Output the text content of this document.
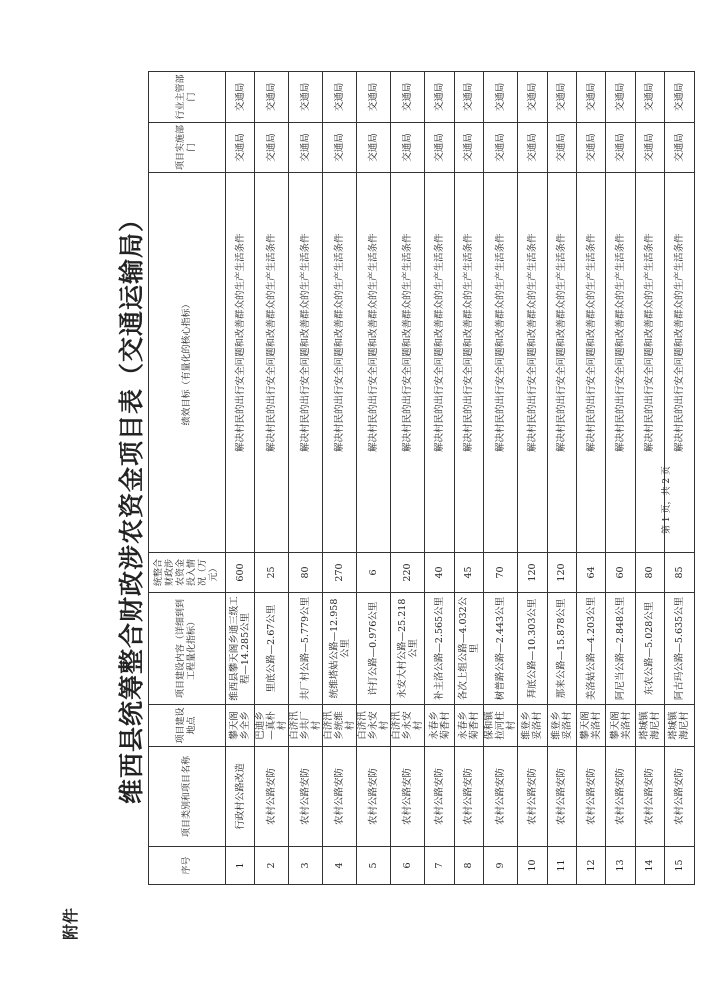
附件
维西县统筹整合财政涉农资金项目表（交通运输局）
序号	项目类别和项目名称	项目建设地点	项目建设内容（详细到到工程量化指标）	统整合财政涉农资金投入情况（万元）	绩效目标（有量化的核心指标）	项目实施部门	行业主管部门
1	行政村公路改造	攀天阁乡全乡	维西县攀天阁乡通三级工程—14.285公里	600	解决村民的出行安全问题和改善群众的生产生活条件	交通局	交通局
2	农村公路安防	巴迪乡—真朴村	里底公路—2.67公里	25	解决村民的出行安全问题和改善群众的生产生活条件	交通局	交通局
3	农村公路安防	白济汛乡共厂村	共厂村公路—5.779公里	80	解决村民的出行安全问题和改善群众的生产生活条件	交通局	交通局
4	农村公路安防	白济汛乡统维村	统维塔姑公路—12.958公里	270	解决村民的出行安全问题和改善群众的生产生活条件	交通局	交通局
5	农村公路安防	白济汛乡永安村	许打公路—0.976公里	6	解决村民的出行安全问题和改善群众的生产生活条件	交通局	交通局
6	农村公路安防	白济汛乡永安村	永安大村公路—25.218公里	220	解决村民的出行安全问题和改善群众的生产生活条件	交通局	交通局
7	农村公路安防	永春乡菊香村	补主洛公路—2.565公里	40	解决村民的出行安全问题和改善群众的生产生活条件	交通局	交通局
8	农村公路安防	永春乡菊香村	各次上组公路—4.032公里	45	解决村民的出行安全问题和改善群众的生产生活条件	交通局	交通局
9	农村公路安防	保和镇拉河柱村	树普路公路—2.443公里	70	解决村民的出行安全问题和改善群众的生产生活条件	交通局	交通局
10	农村公路安防	维登乡妥洛村	拜底公路—10.303公里	120	解决村民的出行安全问题和改善群众的生产生活条件	交通局	交通局
11	农村公路安防	维登乡妥洛村	那来公路—15.878公里	120	解决村民的出行安全问题和改善群众的生产生活条件	交通局	交通局
12	农村公路安防	攀天阁美洛村	美洛姑公路—4.203公里	64	解决村民的出行安全问题和改善群众的生产生活条件	交通局	交通局
13	农村公路安防	攀天阁美洛村	阿尼当公路—2.848公里	60	解决村民的出行安全问题和改善群众的生产生活条件	交通局	交通局
14	农村公路安防	塔城镇海尼村	东农公路—5.028公里	80	解决村民的出行安全问题和改善群众的生产生活条件	交通局	交通局
15	农村公路安防	塔城镇海尼村	阿古玛公路—5.635公里	85	解决村民的出行安全问题和改善群众的生产生活条件	交通局	交通局
第 1 页，共 2 页
